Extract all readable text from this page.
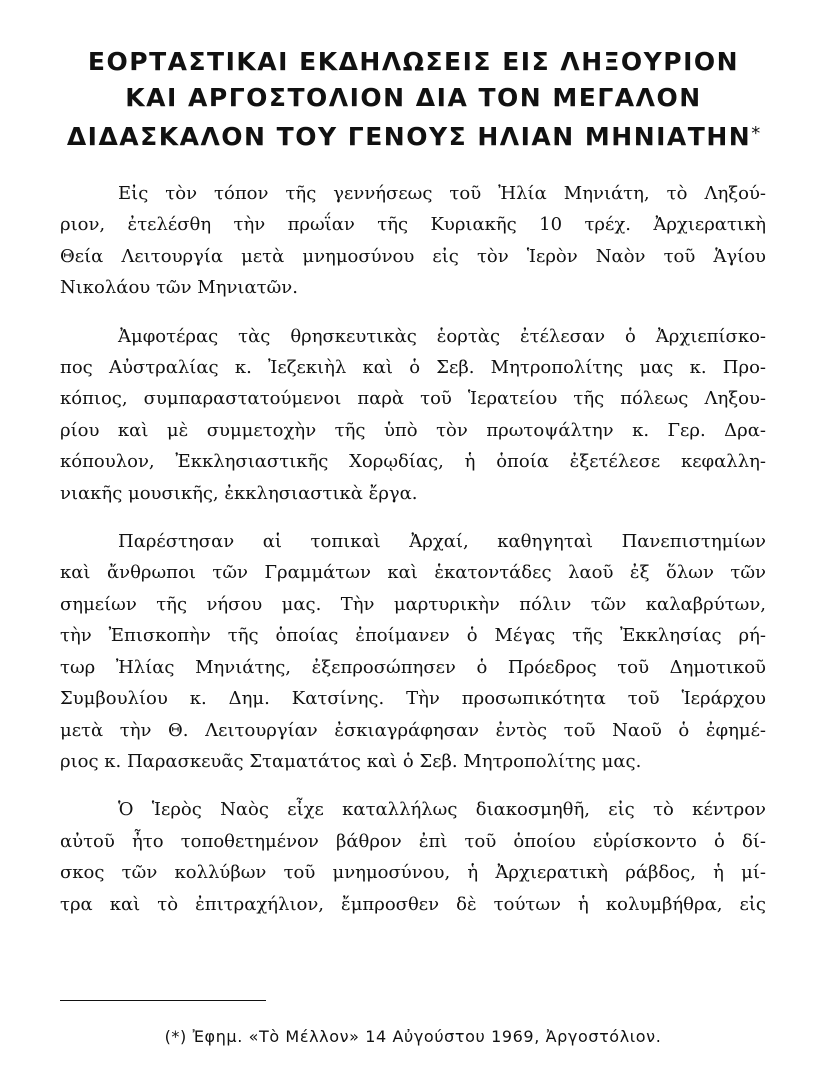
ΕΟΡΤΑΣΤΙΚΑΙ ΕΚΔΗΛΩΣΕΙΣ ΕΙΣ ΛΗΞΟΥΡΙΟΝ
ΚΑΙ ΑΡΓΟΣΤΟΛΙΟΝ ΔΙΑ ΤΟΝ ΜΕΓΑΛΟΝ
ΔΙΔΑΣΚΑΛΟΝ ΤΟΥ ΓΕΝΟΥΣ ΗΛΙΑΝ ΜΗΝΙΑΤΗΝ*

Εἰς τὸν τόπον τῆς γεννήσεως τοῦ Ἠλία Μηνιάτη, τὸ Ληξού-
ριον, ἐτελέσθη τὴν πρωΐαν τῆς Κυριακῆς 10 τρέχ. Ἀρχιερατικὴ
Θεία Λειτουργία μετὰ μνημοσύνου εἰς τὸν Ἱερὸν Ναὸν τοῦ Ἁγίου
Νικολάου τῶν Μηνιατῶν.

Ἀμφοτέρας τὰς θρησκευτικὰς ἑορτὰς ἐτέλεσαν ὁ Ἀρχιεπίσκο-
πος Αὐστραλίας κ. Ἰεζεκιὴλ καὶ ὁ Σεβ. Μητροπολίτης μας κ. Προ-
κόπιος, συμπαραστατούμενοι παρὰ τοῦ Ἱερατείου τῆς πόλεως Ληξου-
ρίου καὶ μὲ συμμετοχὴν τῆς ὑπὸ τὸν πρωτοψάλτην κ. Γερ. Δρα-
κόπουλον, Ἐκκλησιαστικῆς Χορῳδίας, ἡ ὁποία ἐξετέλεσε κεφαλλη-
νιακῆς μουσικῆς, ἐκκλησιαστικὰ ἔργα.

Παρέστησαν αἱ τοπικαὶ Ἀρχαί, καθηγηταὶ Πανεπιστημίων
καὶ ἄνθρωποι τῶν Γραμμάτων καὶ ἑκατοντάδες λαοῦ ἐξ ὅλων τῶν
σημείων τῆς νήσου μας. Τὴν μαρτυρικὴν πόλιν τῶν καλαβρύτων,
τὴν Ἐπισκοπὴν τῆς ὁποίας ἐποίμανεν ὁ Μέγας τῆς Ἐκκλησίας ρή-
τωρ Ἠλίας Μηνιάτης, ἐξεπροσώπησεν ὁ Πρόεδρος τοῦ Δημοτικοῦ
Συμβουλίου κ. Δημ. Κατσίνης. Τὴν προσωπικότητα τοῦ Ἱεράρχου
μετὰ τὴν Θ. Λειτουργίαν ἐσκιαγράφησαν ἐντὸς τοῦ Ναοῦ ὁ ἐφημέ-
ριος κ. Παρασκευᾶς Σταματάτος καὶ ὁ Σεβ. Μητροπολίτης μας.

Ὁ Ἱερὸς Ναὸς εἶχε καταλλήλως διακοσμηθῆ, εἰς τὸ κέντρον
αὐτοῦ ἦτο τοποθετημένον βάθρον ἐπὶ τοῦ ὁποίου εὑρίσκοντο ὁ δί-
σκος τῶν κολλύβων τοῦ μνημοσύνου, ἡ Ἀρχιερατικὴ ράβδος, ἡ μί-
τρα καὶ τὸ ἐπιτραχήλιον, ἔμπροσθεν δὲ τούτων ἡ κολυμβήθρα, εἰς

(*) Ἐφημ. «Τὸ Μέλλον» 14 Αὐγούστου 1969, Ἀργοστόλιον.
